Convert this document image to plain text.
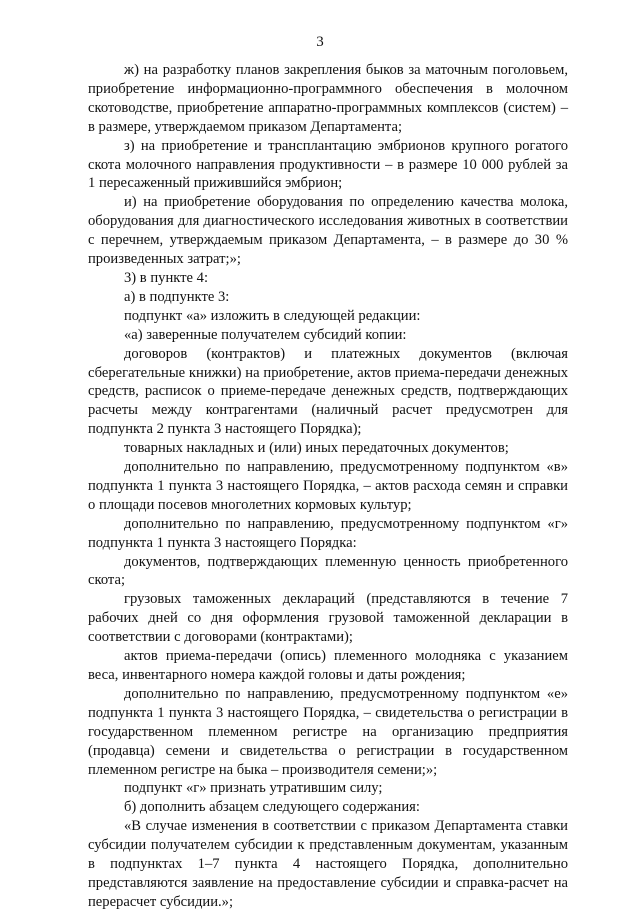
3

ж) на разработку планов закрепления быков за маточным поголовьем, приобретение информационно-программного обеспечения в молочном скотоводстве, приобретение аппаратно-программных комплексов (систем) – в размере, утверждаемом приказом Департамента;

з) на приобретение и трансплантацию эмбрионов крупного рогатого скота молочного направления продуктивности – в размере 10 000 рублей за 1 пересаженный прижившийся эмбрион;

и) на приобретение оборудования по определению качества молока, оборудования для диагностического исследования животных в соответствии с перечнем, утверждаемым приказом Департамента, – в размере до 30 % произведенных затрат;»;

3) в пункте 4:

а) в подпункте 3:

подпункт «а» изложить в следующей редакции:

«а) заверенные получателем субсидий копии:

договоров (контрактов) и платежных документов (включая сберегательные книжки) на приобретение, актов приема-передачи денежных средств, расписок о приеме-передаче денежных средств, подтверждающих расчеты между контрагентами (наличный расчет предусмотрен для подпункта 2 пункта 3 настоящего Порядка);

товарных накладных и (или) иных передаточных документов;

дополнительно по направлению, предусмотренному подпунктом «в» подпункта 1 пункта 3 настоящего Порядка, – актов расхода семян и справки о площади посевов многолетних кормовых культур;

дополнительно по направлению, предусмотренному подпунктом «г» подпункта 1 пункта 3 настоящего Порядка:

документов, подтверждающих племенную ценность приобретенного скота;

грузовых таможенных деклараций (представляются в течение 7 рабочих дней со дня оформления грузовой таможенной декларации в соответствии с договорами (контрактами);

актов приема-передачи (опись) племенного молодняка с указанием веса, инвентарного номера каждой головы и даты рождения;

дополнительно по направлению, предусмотренному подпунктом «е» подпункта 1 пункта 3 настоящего Порядка, – свидетельства о регистрации в государственном племенном регистре на организацию предприятия (продавца) семени и свидетельства о регистрации в государственном племенном регистре на быка – производителя семени;»;

подпункт «г» признать утратившим силу;

б) дополнить абзацем следующего содержания:

«В случае изменения в соответствии с приказом Департамента ставки субсидии получателем субсидии к представленным документам, указанным в подпунктах 1–7 пункта 4 настоящего Порядка, дополнительно представляются заявление на предоставление субсидии и справка-расчет на перерасчет субсидии.»;
